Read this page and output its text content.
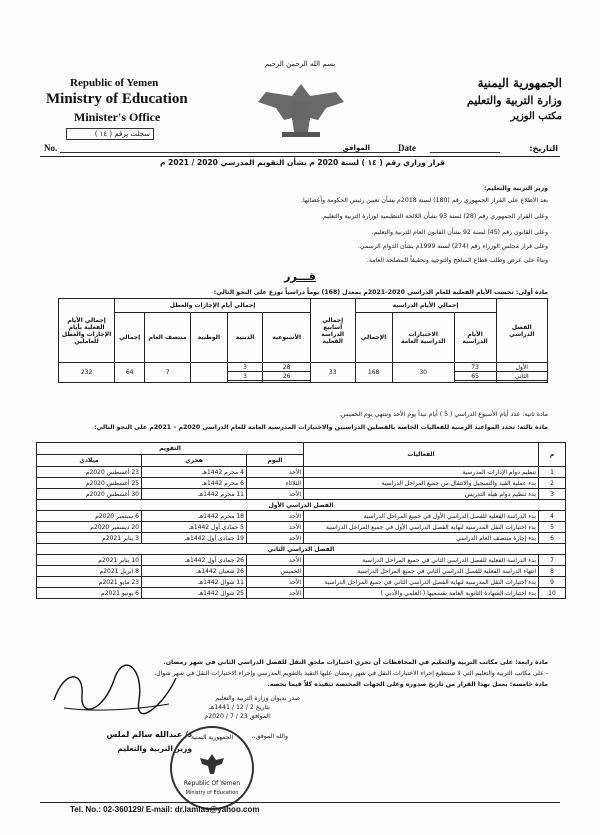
بسم الله الرحمن الرحيم
Republic of Yemen
Ministry of Education
Minister's Office
الجمهورية اليمنية
وزارة التربية والتعليم
مكتب الوزير
سجلت برقم ( ١٤ )
No.	Date
الموافق	التاريخ:
قرار وزاري رقم ( ١٤ ) لسنة 2020 م بشأن التقويم المدرسي 2020 / 2021 م
وزير التربية والتعليم:
بعد الاطلاع على القرار الجمهوري رقم (180) لسنة 2018م بشأن تعيين رئيس الحكومة وأعضائها.
وعلى القرار الجمهوري رقم (28) لسنة 93 بشأن اللائحة التنظيمية لوزارة التربية والتعليم.
وعلى القانون رقم (45) لسنة 92 بشأن القانون العام للتربية والتعليم.
وعلى قرار مجلس الوزراء رقم (274) لسنة 1999م بشأن الدوام الرسمي.
وبناءً على عرض وطلب قطاع المناهج والتوجيه وتحقيقاً للمصلحة العامة.
قـــرر
مادة أولى: تحسب الأيام الفعلية للعام الدراسي 2020-2021م بمعدل (168) يوماً دراسياً توزع على النحو التالي:
الفصل الدراسي	إجمالي الأيام الدراسية			إجمالي أسابيع الدراسة الفعلية	إجمالي أيام الإجازات والعطل					إجمالي الأيام الفعلية بأيام الإجازات والعطل للعاملين
	الأيام الدراسية	الاختبارات الدراسية العامة	الإجمالي		الأسبوعية	الدينية	الوطنية	منتصف العام	إجمالي	
الأول	73	30	168	33	28	3		7	64	232
الثاني	65				26	3				

مادة ثانية: عدد أيام الأسبوع الدراسي ( 5 ) أيام تبدأ يوم الأحد وتنتهي يوم الخميس.
مادة ثالثة: تحدد المواعيد الزمنية للفعاليات الخاصة بالفصلين الدراسيين والاختبارات المدرسية العامة للعام الدراسي 2020م – 2021م على النحو التالي:
م	الفعاليات	التقويم		
		اليوم	هجري	ميلادي

1	تنظيم دوام الإدارات المدرسية	الأحد	4 محرم 1442هـ	23 أغسطس 2020م
2	بدء عملية القيد والتسجيل والانتقال من جميع المراحل الدراسية	الثلاثاء	6 محرم 1442هـ	25 أغسطس 2020م
3	بدء تنظيم دوام هيئة التدريس	الأحد	11 محرم 1442هـ	30 أغسطس 2020م
الفصل الدراسي الأول				
4	بدء الدراسة الفعلية للفصل الدراسي الأول في جميع المراحل الدراسية	الأحد	18 محرم 1442هـ	6 سبتمبر 2020م
5	بدء اختبارات النقل المدرسية لنهاية الفصل الدراسي الأول في جميع المراحل الدراسية	الأحد	5 جمادى أول 1442هـ	20 ديسمبر 2020م
6	بدء إجازة منتصف العام الدراسي	الأحد	19 جمادى أول 1442هـ	3 يناير 2021م
الفصل الدراسي الثاني				
7	بدء الدراسة الفعلية للفصل الدراسي الثاني في جميع المراحل الدراسية	الأحد	26 جمادى أول 1442هـ	10 يناير 2021م
8	انتهاء الدراسة الفعلية للفصل الدراسي الثاني في جميع المراحل الدراسية	الخميس	26 شعبان 1442هـ	8 ابريل 2021م
9	بدء اختبارات النقل المدرسية لنهاية الفصل الدراسي الثاني في جميع المراحل الدراسية	الأحد	11 شوال 1442هـ	23 مايو 2021م
10	بدء اختبارات الشهادة الثانوية العامة بقسميها ( العلمي والأدبي )	الأحد	25 شوال 1442هـ	6 يونيو 2021م
مادة رابعة: على مكاتب التربية والتعليم في المحافظات أن تجري اختبارات ملحق النقل للفصل الدراسي الثاني في شهر رمضان.
- على مكاتب التربية والتعليم التي لا تستطيع إجراء الاختبارات النقل في شهر رمضان عليها التقيد بالتقويم المدرسي وإجراء الاختبارات النقل في شهر شوال.
مادة خامسة: يعمل بهذا القرار من تاريخ صدوره وعلى الجهات المختصة تنفيذه كلاً فيما يخصه.
صدر بديوان وزارة التربية والتعليم
بتاريخ 2 / 12 / 1441هـ
الموافق 23 / 7 / 2020م
والله الموفق،،
د/ عبدالله سالم لملس
وزير التربية والتعليم
الجمهورية اليمنية
Republic Of Yemen
Ministry of Education
Tel. No.: 02-360129/ E-mail: dr.lamlas@yahoo.com
